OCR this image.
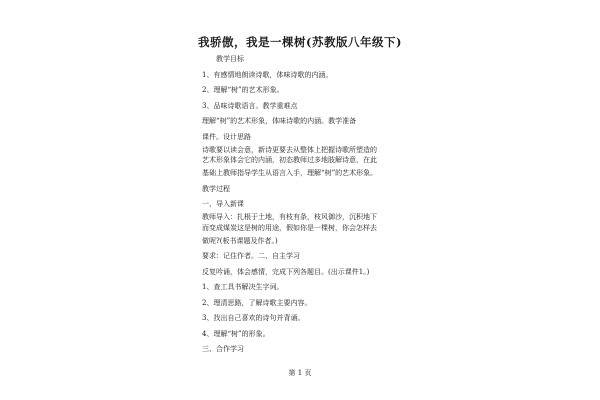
我骄傲，我是一棵树(苏教版八年级下)
教学目标
1、有感情地朗读诗歌，体味诗歌的内涵。
2、理解“树”的艺术形象。
3、品味诗歌语言。教学重难点
理解“树”的艺术形象，体味诗歌的内涵。教学准备
课件。设计思路
诗歌要以读会意，新诗更要去从整体上把握诗歌所塑造的
艺术形象体会它的内涵，初态教师过多地肢解诗意，在此
基础上教师指导学生从语言入手，理解“树”的艺术形象。
教学过程
一、导入新课
教师导入：扎根于土地，有枝有条，枝风御沙，沉积地下
而变成煤炭这是树的用途，假如你是一棵树，你会怎样去
做呢?(板书课题及作者。)
要求：记住作者。二、自主学习
反复吟诵，体会感情，完成下列各题目。(出示课件1。)
1、查工具书解决生字词。
2、理清思路，了解诗歌主要内容。
3、找出自己喜欢的诗句并背诵。
4、理解“树”的形象。
三、合作学习
第 1 页
